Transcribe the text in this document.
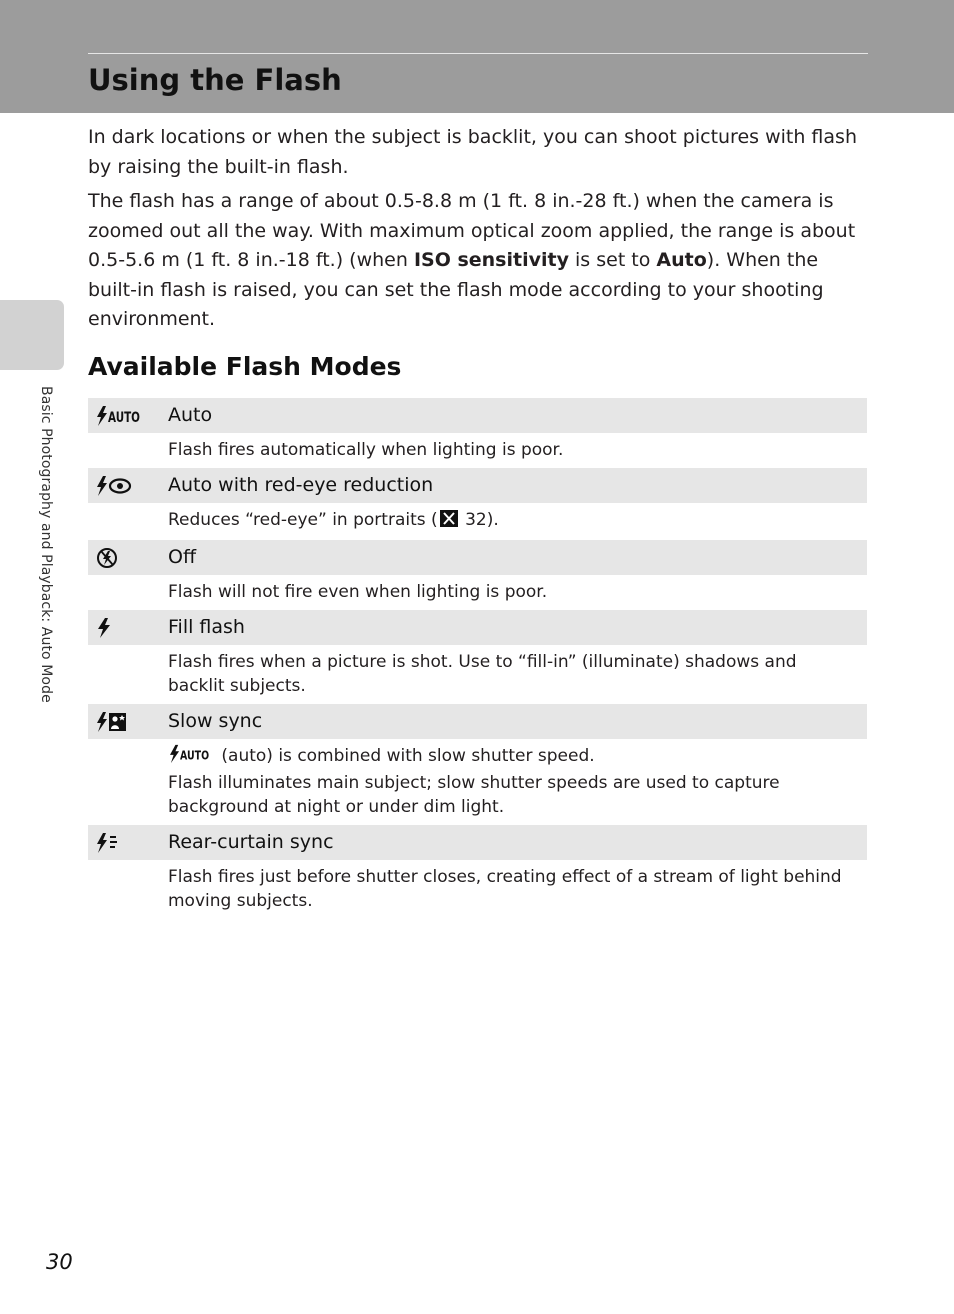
Using the Flash
Basic Photography and Playback: Auto Mode

In dark locations or when the subject is backlit, you can shoot pictures with flash by raising the built-in flash.

The flash has a range of about 0.5-8.8 m (1 ft. 8 in.-28 ft.) when the camera is zoomed out all the way. With maximum optical zoom applied, the range is about 0.5-5.6 m (1 ft. 8 in.-18 ft.) (when ISO sensitivity is set to Auto). When the built-in flash is raised, you can set the flash mode according to your shooting environment.

Available Flash Modes
AUTO Auto
Flash fires automatically when lighting is poor.
Auto with red-eye reduction
Reduces “red-eye” in portraits ( 32).
Off
Flash will not fire even when lighting is poor.
Fill flash
Flash fires when a picture is shot. Use to “fill-in” (illuminate) shadows and backlit subjects.
Slow sync
AUTO (auto) is combined with slow shutter speed.
Flash illuminates main subject; slow shutter speeds are used to capture background at night or under dim light.
Rear-curtain sync
Flash fires just before shutter closes, creating effect of a stream of light behind moving subjects.
30
